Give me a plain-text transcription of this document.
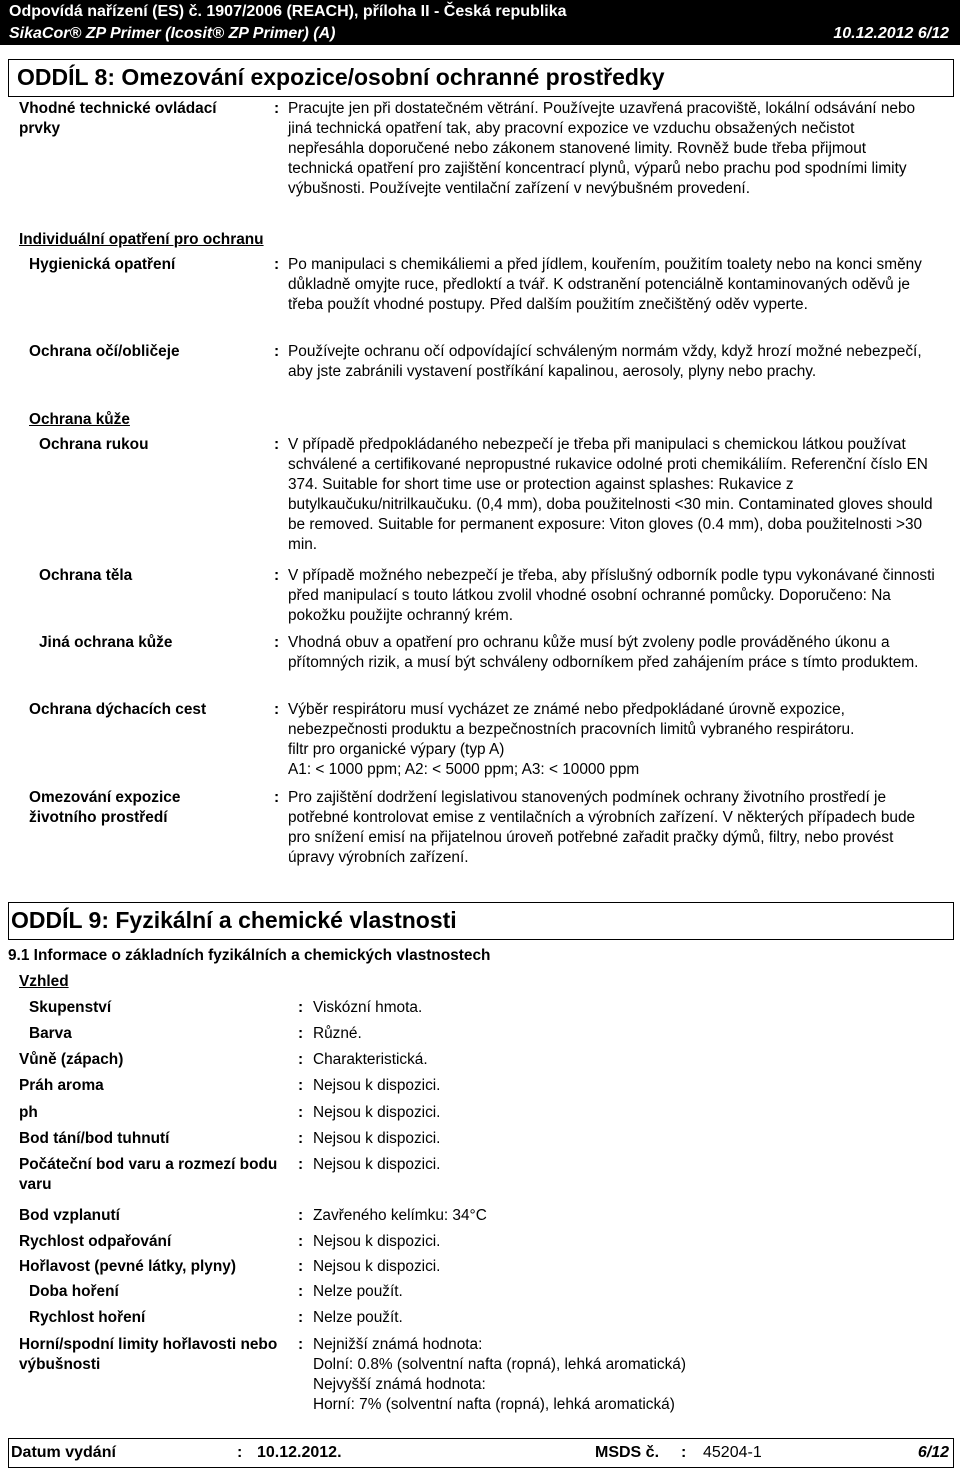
Odpovídá nařízení (ES) č. 1907/2006 (REACH), příloha II - Česká republika
SikaCor® ZP Primer (Icosit® ZP Primer) (A)	10.12.2012 6/12
ODDÍL 8: Omezování expozice/osobní ochranné prostředky
Vhodné technické ovládací prvky
: Pracujte jen při dostatečném větrání. Používejte uzavřená pracoviště, lokální odsávání nebo jiná technická opatření tak, aby pracovní expozice ve vzduchu obsažených nečistot nepřesáhla doporučené nebo zákonem stanovené limity. Rovněž bude třeba přijmout technická opatření pro zajištění koncentrací plynů, výparů nebo prachu pod spodními limity výbušnosti. Používejte ventilační zařízení v nevýbušném provedení.
Individuální opatření pro ochranu
Hygienická opatření	: Po manipulaci s chemikáliemi a před jídlem, kouřením, použitím toalety nebo na konci směny důkladně omyjte ruce, předloktí a tvář. K odstranění potenciálně kontaminovaných oděvů je třeba použít vhodné postupy. Před dalším použitím znečištěný oděv vyperte.
Ochrana očí/obličeje	: Používejte ochranu očí odpovídající schváleným normám vždy, když hrozí možné nebezpečí, aby jste zabránili vystavení postříkání kapalinou, aerosoly, plyny nebo prachy.
Ochrana kůže
Ochrana rukou	: V případě předpokládaného nebezpečí je třeba při manipulaci s chemickou látkou používat schválené a certifikované nepropustné rukavice odolné proti chemikáliím. Referenční číslo EN 374. Suitable for short time use or protection against splashes: Rukavice z butylkaučuku/nitrilkaučuku. (0,4 mm), doba použitelnosti <30 min. Contaminated gloves should be removed. Suitable for permanent exposure: Viton gloves (0.4 mm), doba použitelnosti >30 min.
Ochrana těla	: V případě možného nebezpečí je třeba, aby příslušný odborník podle typu vykonávané činnosti před manipulací s touto látkou zvolil vhodné osobní ochranné pomůcky. Doporučeno: Na pokožku použijte ochranný krém.
Jiná ochrana kůže	: Vhodná obuv a opatření pro ochranu kůže musí být zvoleny podle prováděného úkonu a přítomných rizik, a musí být schváleny odborníkem před zahájením práce s tímto produktem.
Ochrana dýchacích cest	: Výběr respirátoru musí vycházet ze známé nebo předpokládané úrovně expozice, nebezpečnosti produktu a bezpečnostních pracovních limitů vybraného respirátoru.
filtr pro organické výpary (typ A)
A1: < 1000 ppm; A2: < 5000 ppm; A3: < 10000 ppm
Omezování expozice životního prostředí
: Pro zajištění dodržení legislativou stanovených podmínek ochrany životního prostředí je potřebné kontrolovat emise z ventilačních a výrobních zařízení. V některých případech bude pro snížení emisí na přijatelnou úroveň potřebné zařadit pračky dýmů, filtry, nebo provést úpravy výrobních zařízení.
ODDÍL 9: Fyzikální a chemické vlastnosti
9.1 Informace o základních fyzikálních a chemických vlastnostech
Vzhled
Skupenství	: Viskózní hmota.
Barva	: Různé.
Vůně (zápach)	: Charakteristická.
Práh aroma	: Nejsou k dispozici.
ph	: Nejsou k dispozici.
Bod tání/bod tuhnutí	: Nejsou k dispozici.
Počáteční bod varu a rozmezí bodu varu
: Nejsou k dispozici.
Bod vzplanutí	: Zavřeného kelímku: 34°C
Rychlost odpařování	: Nejsou k dispozici.
Hořlavost (pevné látky, plyny)	: Nejsou k dispozici.
Doba hoření	: Nelze použít.
Rychlost hoření	: Nelze použít.
Horní/spodní limity hořlavosti nebo výbušnosti
: Nejnižší známá hodnota:
Dolní: 0.8% (solventní nafta (ropná), lehká aromatická)
Nejvyšší známá hodnota:
Horní: 7% (solventní nafta (ropná), lehká aromatická)
Datum vydání	: 10.12.2012.	MSDS č. : 45204-1	6/12
